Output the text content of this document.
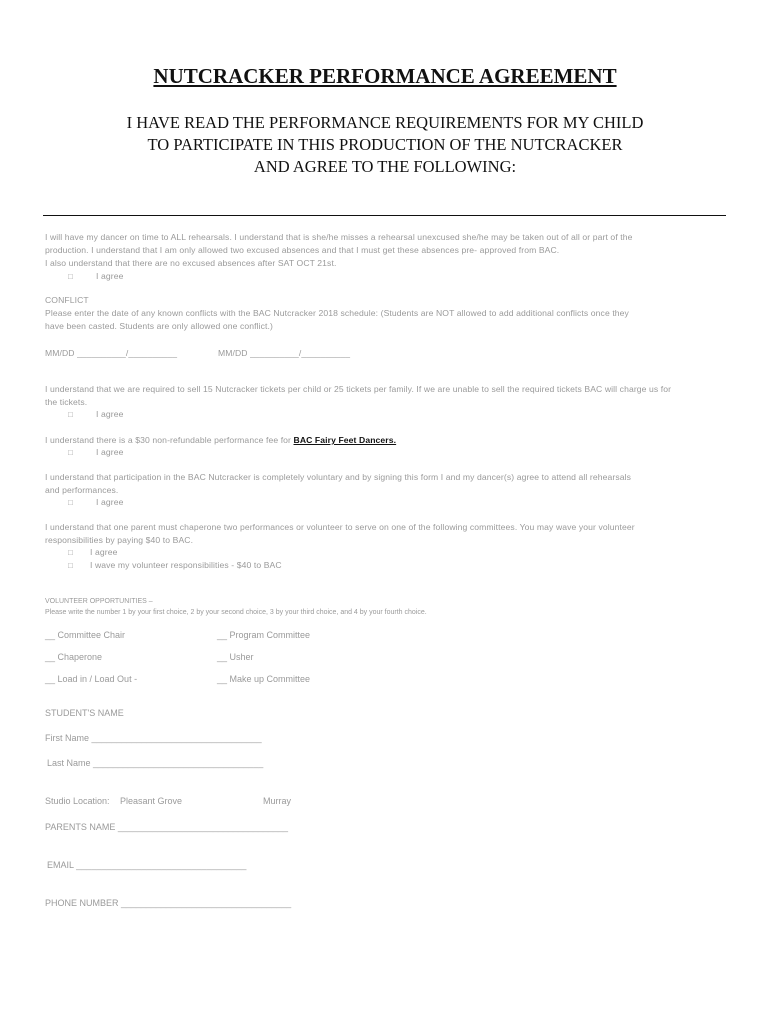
NUTCRACKER PERFORMANCE AGREEMENT
I HAVE READ THE PERFORMANCE REQUIREMENTS FOR MY CHILD
TO PARTICIPATE IN THIS PRODUCTION OF THE NUTCRACKER
AND AGREE TO THE FOLLOWING:
I will have my dancer on time to ALL rehearsals. I understand that is she/he misses a rehearsal unexcused she/he may be taken out of all or part of the
production. I understand that I am only allowed two excused absences and that I must get these absences pre- approved from BAC.
I also understand that there are no excused absences after SAT OCT 21st.
□	I agree
CONFLICT
Please enter the date of any known conflicts with the BAC Nutcracker 2018 schedule: (Students are NOT allowed to add additional conflicts once they
have been casted. Students are only allowed one conflict.)
MM/DD __________/__________	MM/DD __________/__________
I understand that we are required to sell 15 Nutcracker tickets per child or 25 tickets per family. If we are unable to sell the required tickets BAC will charge us for
the tickets.
□	I agree
I understand there is a $30 non-refundable performance fee for BAC Fairy Feet Dancers.
□	I agree
I understand that participation in the BAC Nutcracker is completely voluntary and by signing this form I and my dancer(s) agree to attend all rehearsals
and performances.
□	I agree
I understand that one parent must chaperone two performances or volunteer to serve on one of the following committees. You may wave your volunteer
responsibilities by paying $40 to BAC.
□ I agree
□ I wave my volunteer responsibilities - $40 to BAC
VOLUNTEER OPPORTUNITIES –
Please write the number 1 by your first choice, 2 by your second choice, 3 by your third choice, and 4 by your fourth choice.
__ Committee Chair	__ Program Committee
__ Chaperone	__ Usher
__ Load in / Load Out -	__ Make up Committee
STUDENT'S NAME
First Name __________________________________
Last Name __________________________________
Studio Location: Pleasant Grove	Murray
PARENTS NAME __________________________________
EMAIL __________________________________
PHONE NUMBER __________________________________
